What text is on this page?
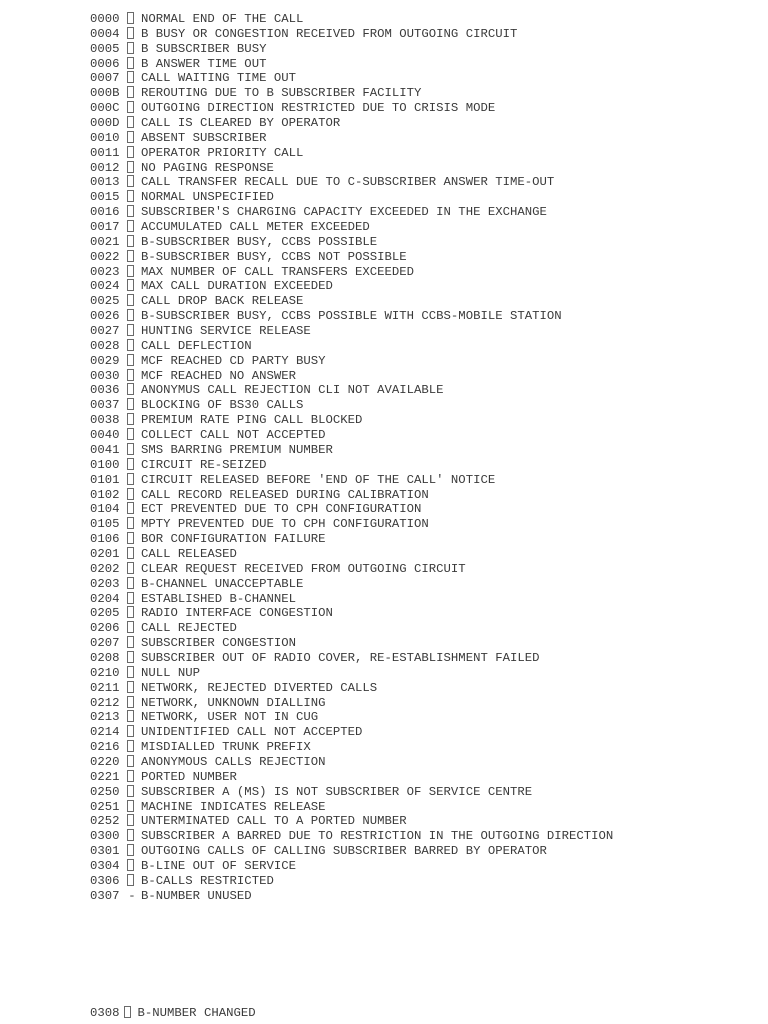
0000 NORMAL END OF THE CALL
0004 B BUSY OR CONGESTION RECEIVED FROM OUTGOING CIRCUIT
0005 B SUBSCRIBER BUSY
0006 B ANSWER TIME OUT
0007 CALL WAITING TIME OUT
000B REROUTING DUE TO B SUBSCRIBER FACILITY
000C OUTGOING DIRECTION RESTRICTED DUE TO CRISIS MODE
000D CALL IS CLEARED BY OPERATOR
0010 ABSENT SUBSCRIBER
0011 OPERATOR PRIORITY CALL
0012 NO PAGING RESPONSE
0013 CALL TRANSFER RECALL DUE TO C-SUBSCRIBER ANSWER TIME-OUT
0015 NORMAL UNSPECIFIED
0016 SUBSCRIBER'S CHARGING CAPACITY EXCEEDED IN THE EXCHANGE
0017 ACCUMULATED CALL METER EXCEEDED
0021 B-SUBSCRIBER BUSY, CCBS POSSIBLE
0022 B-SUBSCRIBER BUSY, CCBS NOT POSSIBLE
0023 MAX NUMBER OF CALL TRANSFERS EXCEEDED
0024 MAX CALL DURATION EXCEEDED
0025 CALL DROP BACK RELEASE
0026 B-SUBSCRIBER BUSY, CCBS POSSIBLE WITH CCBS-MOBILE STATION
0027 HUNTING SERVICE RELEASE
0028 CALL DEFLECTION
0029 MCF REACHED CD PARTY BUSY
0030 MCF REACHED NO ANSWER
0036 ANONYMUS CALL REJECTION CLI NOT AVAILABLE
0037 BLOCKING OF BS30 CALLS
0038 PREMIUM RATE PING CALL BLOCKED
0040 COLLECT CALL NOT ACCEPTED
0041 SMS BARRING PREMIUM NUMBER
0100 CIRCUIT RE-SEIZED
0101 CIRCUIT RELEASED BEFORE 'END OF THE CALL' NOTICE
0102 CALL RECORD RELEASED DURING CALIBRATION
0104 ECT PREVENTED DUE TO CPH CONFIGURATION
0105 MPTY PREVENTED DUE TO CPH CONFIGURATION
0106 BOR CONFIGURATION FAILURE
0201 CALL RELEASED
0202 CLEAR REQUEST RECEIVED FROM OUTGOING CIRCUIT
0203 B-CHANNEL UNACCEPTABLE
0204 ESTABLISHED B-CHANNEL
0205 RADIO INTERFACE CONGESTION
0206 CALL REJECTED
0207 SUBSCRIBER CONGESTION
0208 SUBSCRIBER OUT OF RADIO COVER, RE-ESTABLISHMENT FAILED
0210 NULL NUP
0211 NETWORK, REJECTED DIVERTED CALLS
0212 NETWORK, UNKNOWN DIALLING
0213 NETWORK, USER NOT IN CUG
0214 UNIDENTIFIED CALL NOT ACCEPTED
0216 MISDIALLED TRUNK PREFIX
0220 ANONYMOUS CALLS REJECTION
0221 PORTED NUMBER
0250 SUBSCRIBER A (MS) IS NOT SUBSCRIBER OF SERVICE CENTRE
0251 MACHINE INDICATES RELEASE
0252 UNTERMINATED CALL TO A PORTED NUMBER
0300 SUBSCRIBER A BARRED DUE TO RESTRICTION IN THE OUTGOING DIRECTION
0301 OUTGOING CALLS OF CALLING SUBSCRIBER BARRED BY OPERATOR
0304 B-LINE OUT OF SERVICE
0306 B-CALLS RESTRICTED
0307 - B-NUMBER UNUSED
0308 B-NUMBER CHANGED
